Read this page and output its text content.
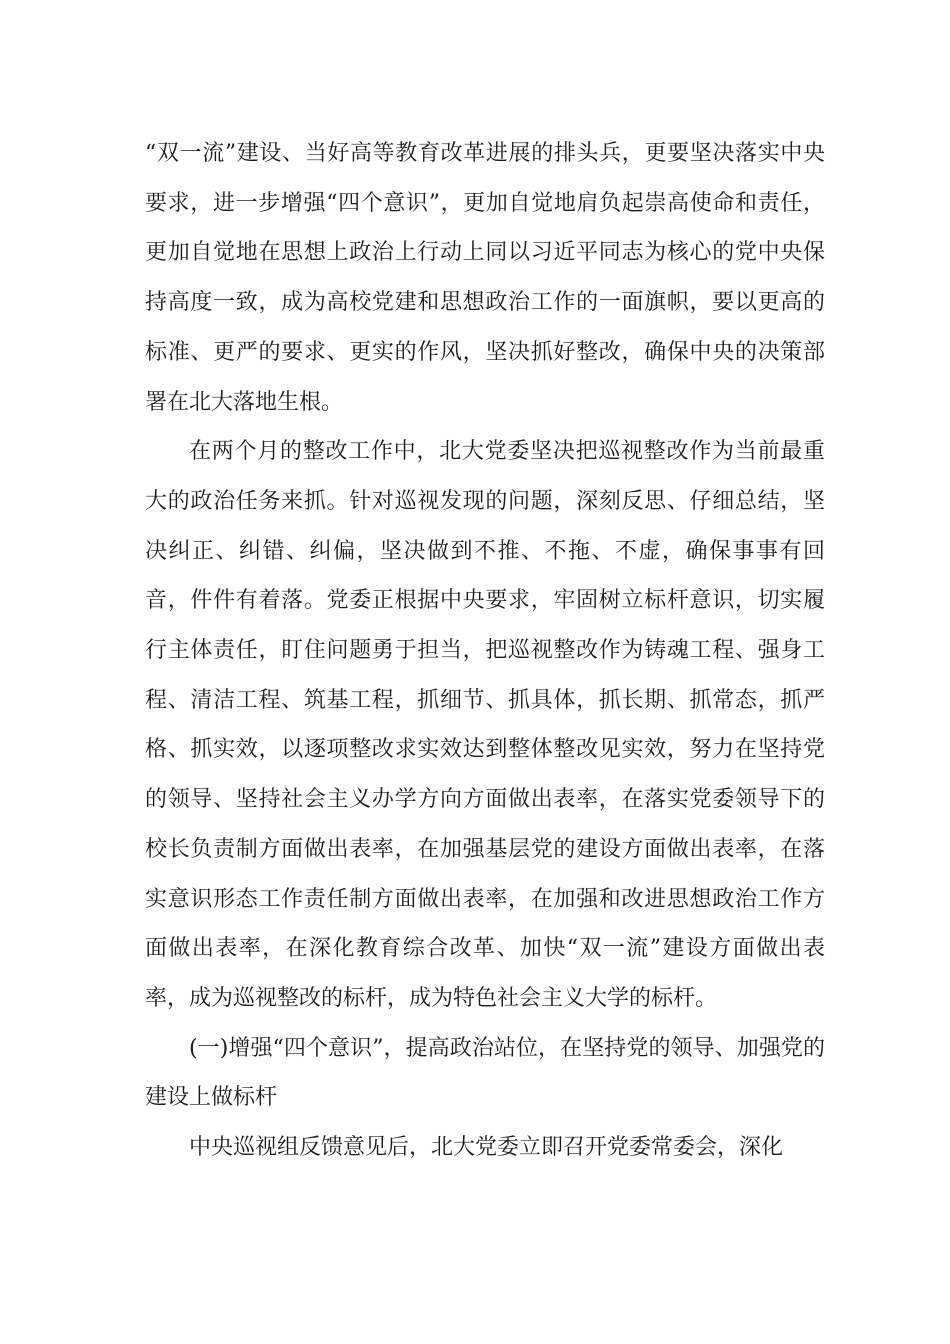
“双一流”建设、当好高等教育改革进展的排头兵，更要坚决落实中央要求，进一步增强“四个意识”，更加自觉地肩负起崇高使命和责任，更加自觉地在思想上政治上行动上同以习近平同志为核心的党中央保持高度一致，成为高校党建和思想政治工作的一面旗帜，要以更高的标准、更严的要求、更实的作风，坚决抓好整改，确保中央的决策部署在北大落地生根。

在两个月的整改工作中，北大党委坚决把巡视整改作为当前最重大的政治任务来抓。针对巡视发现的问题，深刻反思、仔细总结，坚决纠正、纠错、纠偏，坚决做到不推、不拖、不虚，确保事事有回音，件件有着落。党委正根据中央要求，牢固树立标杆意识，切实履行主体责任，盯住问题勇于担当，把巡视整改作为铸魂工程、强身工程、清洁工程、筑基工程，抓细节、抓具体，抓长期、抓常态，抓严格、抓实效，以逐项整改求实效达到整体整改见实效，努力在坚持党的领导、坚持社会主义办学方向方面做出表率，在落实党委领导下的校长负责制方面做出表率，在加强基层党的建设方面做出表率，在落实意识形态工作责任制方面做出表率，在加强和改进思想政治工作方面做出表率，在深化教育综合改革、加快“双一流”建设方面做出表率，成为巡视整改的标杆，成为特色社会主义大学的标杆。

(一)增强“四个意识”，提高政治站位，在坚持党的领导、加强党的建设上做标杆

中央巡视组反馈意见后，北大党委立即召开党委常委会，深化
